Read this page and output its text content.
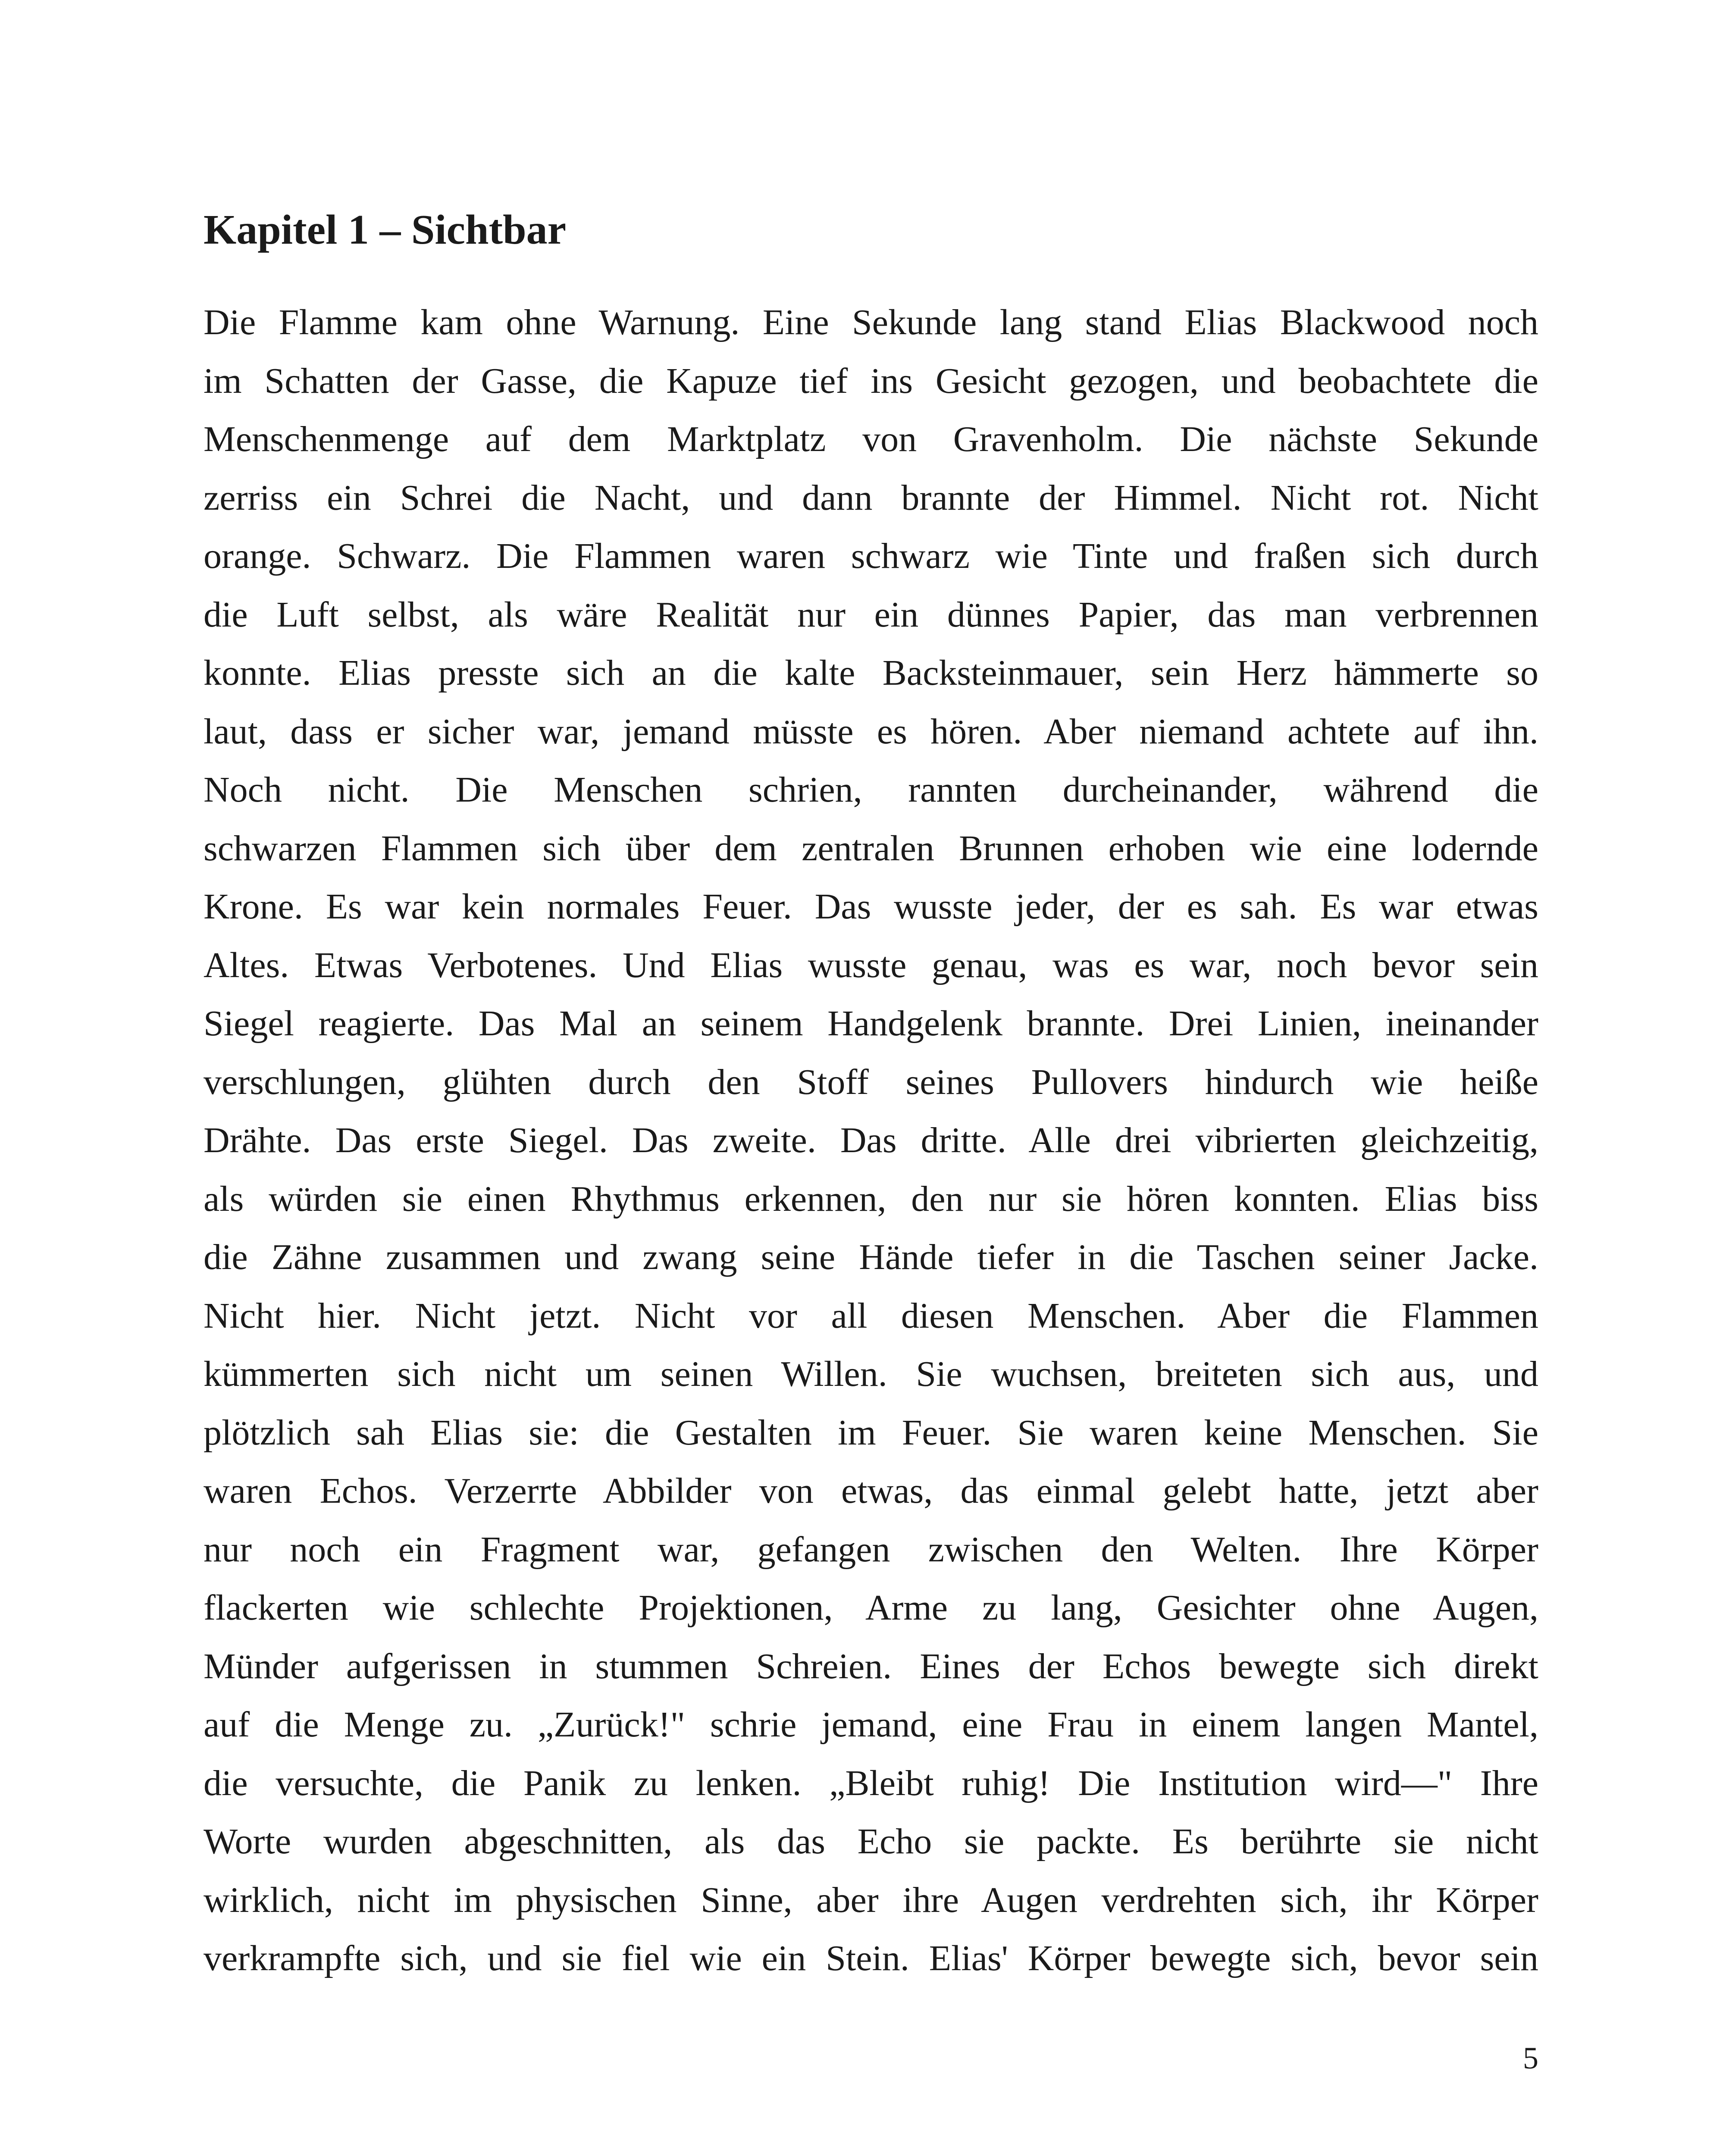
Kapitel 1 – Sichtbar
Die Flamme kam ohne Warnung. Eine Sekunde lang stand Elias Blackwood noch
im Schatten der Gasse, die Kapuze tief ins Gesicht gezogen, und beobachtete die
Menschenmenge auf dem Marktplatz von Gravenholm. Die nächste Sekunde
zerriss ein Schrei die Nacht, und dann brannte der Himmel. Nicht rot. Nicht
orange. Schwarz. Die Flammen waren schwarz wie Tinte und fraßen sich durch
die Luft selbst, als wäre Realität nur ein dünnes Papier, das man verbrennen
konnte. Elias presste sich an die kalte Backsteinmauer, sein Herz hämmerte so
laut, dass er sicher war, jemand müsste es hören. Aber niemand achtete auf ihn.
Noch nicht. Die Menschen schrien, rannten durcheinander, während die
schwarzen Flammen sich über dem zentralen Brunnen erhoben wie eine lodernde
Krone. Es war kein normales Feuer. Das wusste jeder, der es sah. Es war etwas
Altes. Etwas Verbotenes. Und Elias wusste genau, was es war, noch bevor sein
Siegel reagierte. Das Mal an seinem Handgelenk brannte. Drei Linien, ineinander
verschlungen, glühten durch den Stoff seines Pullovers hindurch wie heiße
Drähte. Das erste Siegel. Das zweite. Das dritte. Alle drei vibrierten gleichzeitig,
als würden sie einen Rhythmus erkennen, den nur sie hören konnten. Elias biss
die Zähne zusammen und zwang seine Hände tiefer in die Taschen seiner Jacke.
Nicht hier. Nicht jetzt. Nicht vor all diesen Menschen. Aber die Flammen
kümmerten sich nicht um seinen Willen. Sie wuchsen, breiteten sich aus, und
plötzlich sah Elias sie: die Gestalten im Feuer. Sie waren keine Menschen. Sie
waren Echos. Verzerrte Abbilder von etwas, das einmal gelebt hatte, jetzt aber
nur noch ein Fragment war, gefangen zwischen den Welten. Ihre Körper
flackerten wie schlechte Projektionen, Arme zu lang, Gesichter ohne Augen,
Münder aufgerissen in stummen Schreien. Eines der Echos bewegte sich direkt
auf die Menge zu. „Zurück!" schrie jemand, eine Frau in einem langen Mantel,
die versuchte, die Panik zu lenken. „Bleibt ruhig! Die Institution wird—" Ihre
Worte wurden abgeschnitten, als das Echo sie packte. Es berührte sie nicht
wirklich, nicht im physischen Sinne, aber ihre Augen verdrehten sich, ihr Körper
verkrampfte sich, und sie fiel wie ein Stein. Elias' Körper bewegte sich, bevor sein
5
